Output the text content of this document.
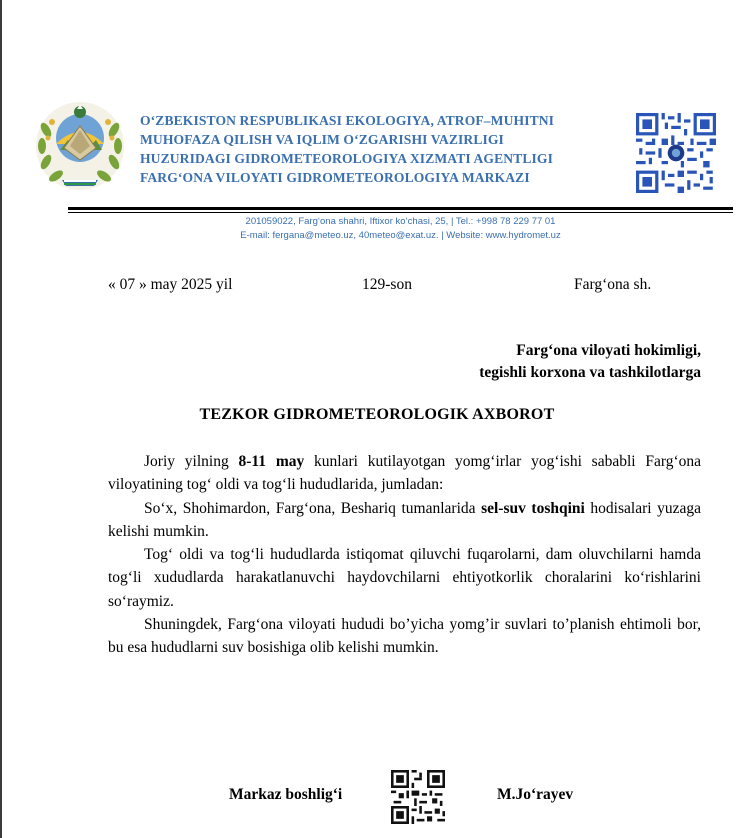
O‘ZBEKISTON RESPUBLIKASI EKOLOGIYA, ATROF–MUHITNI
MUHOFAZA QILISH VA IQLIM O‘ZGARISHI VAZIRLIGI
HUZURIDAGI GIDROMETEOROLOGIYA XIZMATI AGENTLIGI
FARG‘ONA VILOYATI GIDROMETEOROLOGIYA MARKAZI
201059022, Farg‘ona shahri, Iftixor ko‘chasi, 25, | Tel.: +998 78 229 77 01
E-mail: fergana@meteo.uz, 40meteo@exat.uz. | Website: www.hydromet.uz
« 07 » may 2025 yil	129-son	Farg‘ona sh.
Farg‘ona viloyati hokimligi,
tegishli korxona va tashkilotlarga
TEZKOR GIDROMETEOROLOGIK AXBOROT
Joriy yilning 8-11 may kunlari kutilayotgan yomg‘irlar yog‘ishi sababli Farg‘ona viloyatining tog‘ oldi va tog‘li hududlarida, jumladan:
So‘x, Shohimardon, Farg‘ona, Beshariq tumanlarida sel-suv toshqini hodisalari yuzaga kelishi mumkin.
Tog‘ oldi va tog‘li hududlarda istiqomat qiluvchi fuqarolarni, dam oluvchilarni hamda tog‘li xududlarda harakatlanuvchi haydovchilarni ehtiyotkorlik choralarini ko‘rishlarini so‘raymiz.
Shuningdek, Farg‘ona viloyati hududi bo’yicha yomg’ir suvlari to’planish ehtimoli bor, bu esa hududlarni suv bosishiga olib kelishi mumkin.
Markaz boshlig‘i	M.Jo‘rayev
